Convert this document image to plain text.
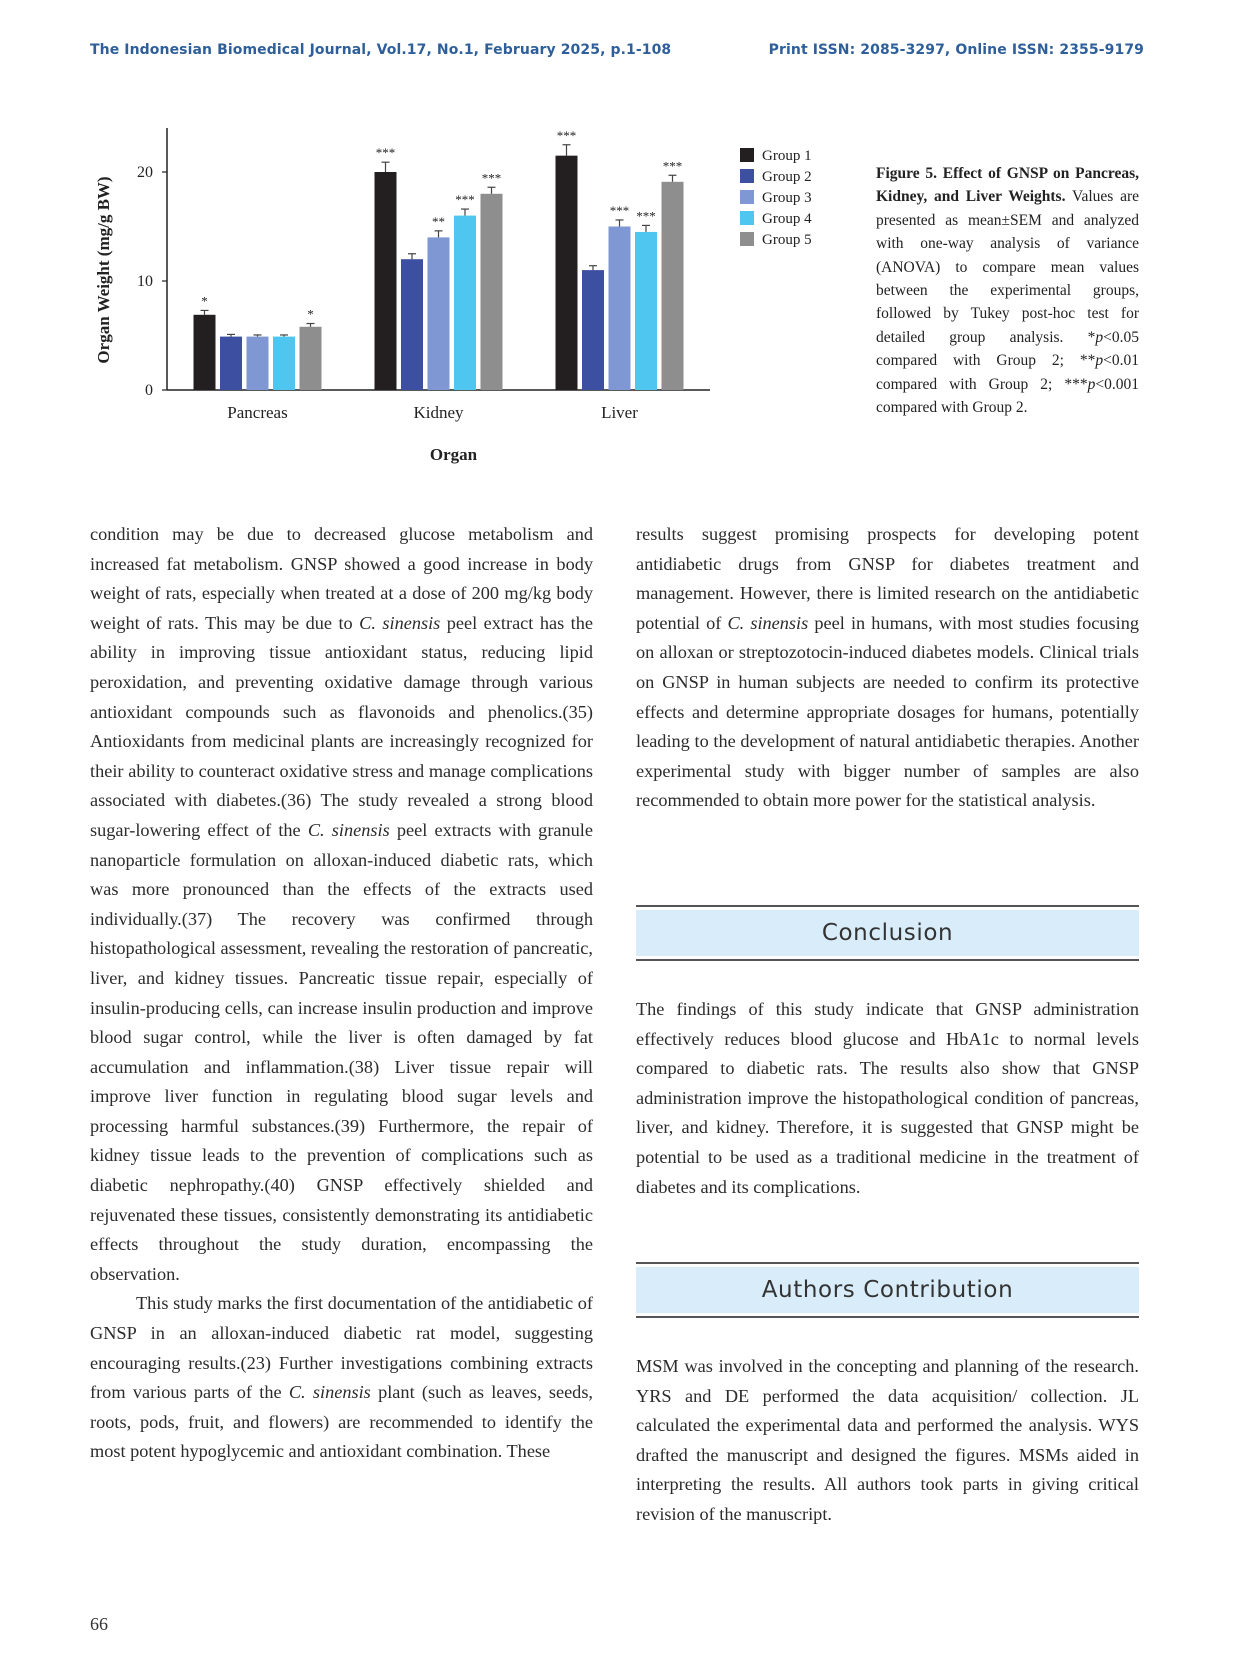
The Indonesian Biomedical Journal, Vol.17, No.1, February 2025, p.1-108	Print ISSN: 2085-3297, Online ISSN: 2355-9179
0
10
20
Organ Weight (mg/g BW)	*
*
Pancreas
***
**
***
***
Kidney
***
*** ***
***
Liver
Organ
Group 1
Group 2
Group 3
Group 4
Group 5
Figure 5. Effect of GNSP on Pancreas, Kidney, and Liver Weights. Values are presented as mean±SEM and analyzed with one-way analysis of variance (ANOVA) to compare mean values between the experimental groups, followed by Tukey post-hoc test for detailed group analysis. *p<0.05 compared with Group 2; **p<0.01 compared with Group 2; ***p<0.001 compared with Group 2.

condition may be due to decreased glucose metabolism and increased fat metabolism. GNSP showed a good increase in body weight of rats, especially when treated at a dose of 200 mg/kg body weight of rats. This may be due to C. sinensis peel extract has the ability in improving tissue antioxidant status, reducing lipid peroxidation, and preventing oxidative damage through various antioxidant compounds such as flavonoids and phenolics.(35) Antioxidants from medicinal plants are increasingly recognized for their ability to counteract oxidative stress and manage complications associated with diabetes.(36) The study revealed a strong blood sugar-lowering effect of the C. sinensis peel extracts with granule nanoparticle formulation on alloxan-induced diabetic rats, which was more pronounced than the effects of the extracts used individually.(37) The recovery was confirmed through histopathological assessment, revealing the restoration of pancreatic, liver, and kidney tissues. Pancreatic tissue repair, especially of insulin-producing cells, can increase insulin production and improve blood sugar control, while the liver is often damaged by fat accumulation and inflammation.(38) Liver tissue repair will improve liver function in regulating blood sugar levels and processing harmful substances.(39) Furthermore, the repair of kidney tissue leads to the prevention of complications such as diabetic nephropathy.(40) GNSP effectively shielded and rejuvenated these tissues, consistently demonstrating its antidiabetic effects throughout the study duration, encompassing the observation.

This study marks the first documentation of the antidiabetic of GNSP in an alloxan-induced diabetic rat model, suggesting encouraging results.(23) Further investigations combining extracts from various parts of the C. sinensis plant (such as leaves, seeds, roots, pods, fruit, and flowers) are recommended to identify the most potent hypoglycemic and antioxidant combination. These

results suggest promising prospects for developing potent antidiabetic drugs from GNSP for diabetes treatment and management. However, there is limited research on the antidiabetic potential of C. sinensis peel in humans, with most studies focusing on alloxan or streptozotocin-induced diabetes models. Clinical trials on GNSP in human subjects are needed to confirm its protective effects and determine appropriate dosages for humans, potentially leading to the development of natural antidiabetic therapies. Another experimental study with bigger number of samples are also recommended to obtain more power for the statistical analysis.

Conclusion

The findings of this study indicate that GNSP administration effectively reduces blood glucose and HbA1c to normal levels compared to diabetic rats. The results also show that GNSP administration improve the histopathological condition of pancreas, liver, and kidney. Therefore, it is suggested that GNSP might be potential to be used as a traditional medicine in the treatment of diabetes and its complications.

Authors Contribution

MSM was involved in the concepting and planning of the research. YRS and DE performed the data acquisition/ collection. JL calculated the experimental data and performed the analysis. WYS drafted the manuscript and designed the figures. MSMs aided in interpreting the results. All authors took parts in giving critical revision of the manuscript.

66
